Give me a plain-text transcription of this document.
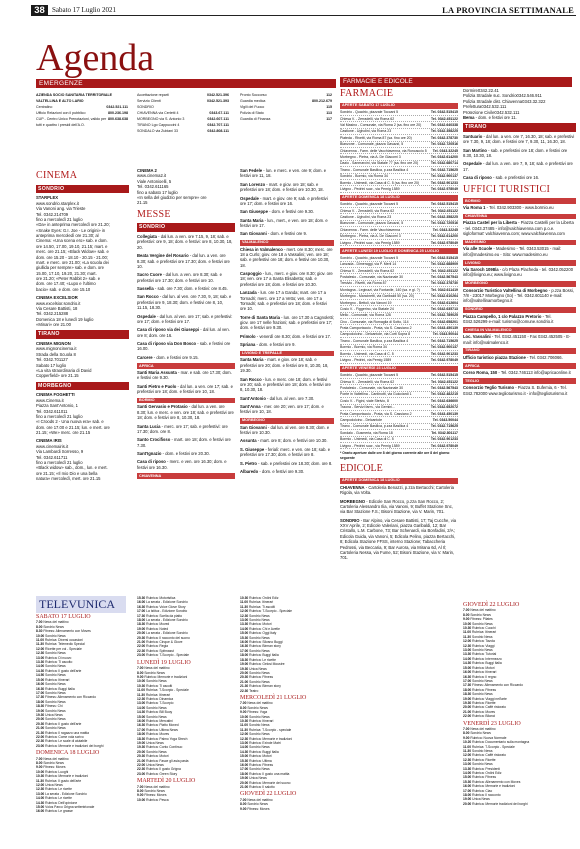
38	Sabato 17 Luglio 2021	LA PROVINCIA SETTIMANALE
Agenda
EMERGENZE
AZIENDA SOCIO SANITARIA TERRITORIALE VALTELLINA E ALTO LARIO
Centralino	0342.521.111
Ufficio Relazioni con il pubblico	800.236.198
CUP - Centro Unico Prenotazioni, valido per tutti e quattro i presidi dell'A.O.
800.638.638
Accettazione reparti	0342.521.396
Servizio Clienti	0342.521.393
SONDRIO
CHIAVENNA via Cerletti 4	0343.67.111
MORBEGNO via S. Antonio 3	0342.607.111
TIRANO Lgo Cappuccini 4	0342.707.111
SONDALO via Zubiani 33	0342.808.111
Pronto Soccorso	112
Guardia medica	800.212.679
Vigili del Fuoco	115
Polizia di Stato	113
Guardia di Finanza	117
FARMACIE E EDICOLE
CINEMA
SONDRIO
STARPLEX
www.sondrio.starplex.it
Via Vanoni ang. via Trieste
Tel. 0342.214709
fino a mercoledì 21 luglio
«Da» in anteprima mercoledì ore 21.20;
«Snake Eyes: G.I. Joe - Le origini» in
anteprima mercoledì ore 21.30; al
Cinema: «Una scena ero» sab. e dom.
ore 14.50, 17.00, 19.10, 21.15; mart. e
merc. ore 21.15; «Black Widow» sab. e
dom. ore 15.20 - 18.10 - 20.15 - 21.00;
mart. e merc. ore 21.00; «La scuola dei
giullida per sempre» sab. e dom. ore
15.00, 17.10, 19.20, 21.30; mart.
ore 21.20; «Peter Rabbit 2» sab. e
dom. ore 17.40; «Lupo e l'ultimo
bacio» sab. e dom. ore 15.10
CINEMA EXCELSIOR
www.excelsior.sondrio.it
Via Cesare Battisti, 18
Tel. 0342.215288
Domenica 18 e lunedì 19 luglio
«Minari» ore 21.00
TIRANO
CINEMA MIGNON
www.mignoncinema.it
Strada della Scuola 8
Tel. 0342.701127
Sabato 17 luglio
«La vita straordinaria di David
Copperfield» ore 21.15
MORBEGNO
CINEMA FOGHETTI
www.Cinema.it
Piazza Sant'Antonio, 1
Tel. 0342.611011
fino a mercoledì 21 luglio
«I Croods 2 - Una nuova era» sab. e
dom. ore 17.00 e 21.15; lun. e mert. ore
21.15; «We» merc. ore 21.15
CINEMA IRIS
www.cinemairis.it
Via Lambardi Sorresso, 9
Tel. 0342.611711
fino a mercoledì 21 luglio
«Black widow» sab., dom., lun. e mert.
ore 21.15; «Il mio Dio e una bella
natura» mercoledì, mert. ore 21.15
CINEMA 2
www.cinema2.it
Viale Antonioelli, 5
Tel. 0342.611165
fino a sabato 17 luglio
«In sella del giudizio per sempre» ore
21.15
MESSE
SONDRIO
Collegiata - dal lun. a ven. ore 7.15, 9, 18; sab. e prefestivi: ore 9, 18; dom. e festivi: ore 8, 10.30, 18, 20.
Beata Vergine del Rosario - dal lun. a ven. ore 8.30; sab. e prefestivi ore 17.30; dom. e festivi ore 10.
Sacro Cuore - dal lun. a ven. ore 8.30; sab. e prefestivi ore 17.30; dom. e festivi ore 10.
Sassella - sab. ore 7.30; dom. e festivi: ore 8.45.
San Rocco - dal lun. al ven. ore 7.30, 9, 18; sab. e prefestivi ore 9, 18.30; dom. e festivi ore 8, 10, 11.15, 18.30.
Ospedale - dal lun. al ven. ore 17; sab. e prefestivi: ore 17; dom. e festivi ore 17.
Casa di riposo via dei Giuseppi - dal lun. al ven. ore 8; dom. ore 16.
Casa di riposo via Don Bosco - sab. e festivi ore 16.00.
Carcere - dom. e festivi ore 9.15.
APRICA
Santi Maria Assunta - mar. e sab. ore 17.30; dom. e festivi ore 9.30.
Santi Pietro e Paolo - dal lun. a ven. ore 17; sab. e prefestivi ore 18; dom. e festivi ore 10, 18.
BORMIO
Santi Gervasio e Protasio - dal lun. a ven. ore 8.30; lun. e merc. e ven. ore 18; sab. e prefestivi ore 18; dom. e festivi ore 8, 10.30, 18.
Santa Lucia - merc. ore 17; sab. e prefestivi: ore 17.30; dom. ore 8.
Santo Crocifisso - mart. ore 18; dom. e festivi ore 7.30.
Sant'Ignazio - dom. e festivi ore 20.30.
Casa di riposo - merc. e ven. ore 16.30; dom. e festivi ore 16.30.
CHIAVENNA
San Fedele - lun. e merc. e ven. ore 9; dom. e festivi ore 11, 18.
San Lorenzo - mart. e giov. ore 18; sab. e prefestivi ore 18; dom. e festivi ore 10.30, 18.
Ospedale - mart. e giov. ore 9; sab. e prefestivi ore 17; dom. e festivi ore 16.
San Giuseppe - dom. e festivi ore 9.30.
Santa Maria - lun., mert., e ven. ore 18; dom. e festivi ore 17.
San Giovanni - dom. e festivi ore 9.
VALMALENCO
Chiesa in Valmalenco - mert. ore 8.30; merc. ore 18 a Curlo; giov. ore 18 a Vassalini; ven. ore 18; sab. e prefestivi ore 18; dom. e festivi ore 10.30, 18.
Caspoggio - lun., merc. e giov. ore 8.30; giov. ore 18; ven. ore 17 a Santa Elisabetta; sab. e prefestivi ore 18; dom. e festivi ore 10.30.
Lanzada - lun. ore 17 a Ganda; mart. ore 17 a Tornadri; merc. ore 17 a Vetto; ven. ore 17 a Tornadri; sab. e prefestivi ore 18; dom. e festivi ore 10.
Torre di Santa Maria - lun. ore 17.30 a Cagnoletti; giov. ore 17 nelle frazioni; sab. e prefestivi ore 17; dom. e festivi ore 9.30.
Primolo - venerdì ore 8.30; dom. e festivi ore 17.
Spriana - dom. e festivi ore 9.
LIVIGNO E TREPALLE
Santa Maria - mart. e giov. ore 18; sab. e prefestivi ore 20; dom. e festivi ore 8, 10.30, 18, 19.30.
San Rocco - lun. e merc. ore 18; dom. e festivi ore 20; sab. e prefestivi ore 18; dom. e festivi ore 8, 10.30, 18.
Sant'Antonio - dal lun. al ven. ore 7.30.
Sant'Anna - mer. ore 20; ven. ore 17; dom. e festivi ore 10, 18.
MORBEGNO
San Giovanni - dal lun. al ven. ore 8.30; dom. e festivi ore 10.30.
Assunta - mart. ore 8; dom. e festivi ore 10.30.
S. Giuseppe - feriali: merc. e ven. ore 18; sab. e prefestivi ore 17.30; dom. e festivi ore 8.
S. Pietro - sab. e prefestivi ore 18.30; dom. ore 8.
Albaredo - dom. e festivi ore 9.30.
FARMACIE
APERTE SABATO 17 LUGLIO
Sondrio - Quadrio, piazzale Toccani 5	Tel. 0342.515415
Chiesa V. - Zerradelli, via Roma 62	Tel. 0342.451122
Val Masino - Comunale, via Roma 2 (sa. fino ore 20)	Tel. 0342.640338
Castione - Ugholini, via Roma 23	Tel. 0342.358225
Piateda - Rivetti, via Roma 87 (sa. fino ore 20)	Tel. 0342.378730
Bianzone - Comunale, piazza Gavazzi, 5	Tel. 0342.720516
Chiavenna - Farm. delle Vacchiavenna, via Roncaccio 5 Tel. 0343.32245
Morbegno - Pietra, via A. De Giacomi 3	Tel. 0342.614200
Dazio - Sanmarcini, via Statale 77 (sa. fino ore 20)	Tel. 0342.680714
Tirano - Comunale Basilica, p.zza Basilica 4	Tel. 0342.715625
Sondrio - Bormio, via Roma 34	Tel. 0342.900137
Bormio - Unimedi, via Casa di C. 5 (sa. fino ore 20)	Tel. 0342.901233
Livigno - Pedrini sucr., via Pemig 1589	Tel. 0342.978049
APERTE DOMENICA 18 LUGLIO
Sondrio - Quadrio, piazzale Toccani 5	Tel. 0342.515415
Chiesa V. - Zerradelli, via Roma 62	Tel. 0342.451122
Castione - Ugholini, via Roma 23	Tel. 0342.358225
Bianzone - Comunale, piazza Gavazzi, 5	Tel. 0342.720516
Chiavenna - Farm. delle Vacchiavenna	Tel. 0343.32245
Morbegno - Pietra, via A. De Giacomi 3	Tel. 0342.614200
Livigno - Pedrini sucr., via Pemig 1589	Tel. 0342.978049
APERTE LUNEDÌ 19 LUGLIO E DOMENICA 25 LUGLIO
Sondrio - Quadrio, piazzale Toccani 5	Tel. 0342.515415
Lanzada - Dimeraggi, via P. Merli 14	Tel. 0342.688909
Chiesa V. - Zerradelli, via Roma 62	Tel. 0342.451122
Postalesio - Comunale, via Nazionale 30	Tel. 0342.567543
Tresivio - Rivetti, via Roma 87	Tel. 0342.378730
Montagna - Leginazi, via Fontanile, 140 (sa. e gi. ?)	Tel. 0342.611419
Morbegno - Mancinetti, via Garibaldi 50 (sa. 20)	Tel. 0342.610264
Morbegno - Bettoli, via Vanoni 19	Tel. 0342.612604
Cosio V. - Figgerino, via Statale 24	Tel. 0342.635713
Mello - Comunale, via Roma 126	Tel. 0342.789025
Civo - Comunale, via Romaglia di Sotto, 114	Tel. 0342.658201
Prata Camportaccio - Prata, via S. Cassiano 2	Tel. 0343.450139
Campodolcino - Delcantole, via Corti Sopra 8	Tel. 0343.50044
Tirano - Comunale Basilica, p.zza Basilica 4	Tel. 0342.715625
Bormio - Bormio, via Roma 34	Tel. 0342.900137
Bormio - Unimedi, via Casa di C. 5	Tel. 0342.901233
Livigno - Pedrini, via Pemig 1589	Tel. 0342.978049
APERTE VENERDÌ 23 LUGLIO
Sondrio - Quadrio, piazzale Toccani 5	Tel. 0342.515415
Chiesa V. - Zerradelli, via Roma 62	Tel. 0342.451122
Postalesio - Comunale, via Nazionale 30	Tel. 0342.567543
Ponte in Valtellina - Cantinotti, via Guicciardi 1	Tel. 0342.482215
Cosio V. - Figini, viale Stelvio, 8	Tel. 0342.636600
Traona - Servizi farm., via Gemini...	Tel. 0342.652072
Prata Camportaccio - Prata, via S. Cassiano 2	Tel. 0343.450139
Campodolcino - Delcantole	Tel. 0343.50044
Tirano - Comunale Basilica, p.zza Basilica 4	Tel. 0342.715625
Sondalo - Gusmeria, via Roma 18	Tel. 0342.801117
Bormio - Unimedi, via Casa di C. 5	Tel. 0342.901233
Livigno - Pedrini sucr., via Pemig 1589	Tel. 0342.978049
* Orario aperture dalle ore 8 del giorno corrente alle ore 8 del giorno seguente
EDICOLE
APERTE DOMENICA 18 LUGLIO
CHIAVENNA - Cartoleria Benazzi, p.zza Bertacchi; Cartoleria Rigola, via Volta.
MORBEGNO - Edicole San Rocco, p.zza San Rocco, 2; Cartoleria Alessandro Ilia, via Vanoni, 9; Buffet Stazione Snc, via Bar Stazione F.S.; Bisoni Stazione, via V. Marin, 701.
SONDRIO - Bar Alpino, via Cesare Battisti, 17; Taj Cucche, via XXV Aprile, 2; Edicole Valeriani, piazza Garibaldi, 12; Bar Cristallo, L.M. Carbone, 73; Bar Schenardi, via Bonfadini, 2/A; Edicola Guida, via Vanoni, 5; Edicola Pelino, piazza Bertacchi, 8; Edicola Stazione FFSS, interno Stazione; Tabaccheria Pedrossi, via Beccaria, 9; Bar Aurora, via Mirana 6d, Al Il; Cartoleria Nessa, via Fume, 52; Bisoni Stazione, via V. Marin, 701.
Dormire0342.22.41
Polizia Stradale suc. Sondrio0342.546.911
Polizia Stradale dist. Chiavenna0343.32.322
Prefettura0342.532.111
Protezione Civile0342.532.111
Bema - dom. e festivi ore 11.
TIRANO
Santuario - dal lun. a ven. ore 7, 16.30, 18; sab. e prefestivi ore 7.30, 9, 18; dom. e festivi ore 7, 9.30, 11, 16.30, 18.
San Martino - sab. e prefestivi ore 18; dom. e festivi ore 8.30, 10.30, 18.
Ospedale - dal lun. a ven. ore 7, 9, 18; sab. e prefestivi ore 17.
Casa di riposo - sab. e prefestivi ore 16.
UFFICI TURISTICI
BORMIO
Via Roma 1 - Tel. 0342.903300 - www.bormio.eu
CHIAVENNA
Piazza Castel per la Liberta - Piazza Castelli per la Liberta - tel. 0343.37485 - info@valchiavenna.com p.o.e. sigloformat' valchiavenna.com; www.valchiavenna.com
MADESIMO
Via alle Scuole - Madesimo - Tel. 0343.53015 - mail: info@madesimo.eu - Sito: www.madesimo.eu
LIVIGNO
Via Saroch 1098/a - c/o Plaza Placheda - tel. 0342.052200 info@livigno.eu; www.livigno.eu
MORBEGNO
Consorzio Turistico Valtellina di Morbegno - p.zza Bossi, 7/8 - 23017 Morbegno (So) - Tel. 0342.601140 e-mail: info@valtellinamorbegno.it
SONDRIO
Piazza Campello, 1 c/o Palazzo Pretorio - Tel. 0342.526299 e-mail: turismo@comune.sondrio.it
CHIESA IN VALMALENCO
Loc. Vassalini - Tel. 0342.451150 - Fax 0342.452505 - E-mail: info@valmalenco.it
TIRANO
Ufficio turistico piazza Stazione - Tel. 0342.706066.
APRICA
Corso Roma, 150 - Tel. 0342.746113 info@apricaonline.it
TEGLIO
Consorzio Teglio Turismo - Piazza S. Eufemia, 6 - Tel. 0342.782000 www.teglioturismo.it - info@teglioturismo.it
TELEVUNICA
SABATO 17 LUGLIO
7.00 News del mattino
8.00 Sondrio News
8.30 Fitness: Allenamento con Moves
10.00 Sondrio News
11.00 Rubrica: Diversi occasioni
11.30 Rubrica: Telemedic Special
12.00 Ricette per voi - Speciale
12.30 Sondrio News
13.00 Rubrica: Di nuovo
13.30 Rubrica: Ti ascolto
14.00 Sondrio News
14.30 Rubrica: Il gusto dell'arte
14.50 Sondrio News
15.00 Rubrica: Itinerari
16.00 Sondrio News
16.30 Rubrica: Buggi Italia
17.00 Sondrio News
17.30 Fitness: Allenamento con Riccardo
18.00 Sondrio News
18.30 Fitness: Chi
19.00 Sondrio News
19.30 Unica News
20.00 Sondrio News
20.30 Rubrica: Il gusto dell'arte
21.00 Sondrio News
21.30 Rubrica: Il ragazzo una mattia
22.00 Rubrica: Come vola scrivo
22.30 Rubrica: Le scale di aiutabile
23.00 Rubrica: Memorie e tradizioni dei borghi
DOMENICA 18 LUGLIO
7.00 News del mattino
8.00 Sondrio News
9.00 Fitness: Moves
10.00 Rubrica: Luoghi
10.30 Rubrica: Memorie e tradizioni
11.30 Rubrica: Il gusto dell'arte
12.00 Unica News
12.30 Rubrica: Le ricette
13.00 La serata - Edizione Sondrio
14.00 Rubrica: Le ricette
14.30 Rubrica: Dell'opinione
15.00 Volos Parco Grigna settentrionale
16.00 Rubrica: Le grasse
15.30 Rubrica: Motoristica
16.00 La serata - Edizione Sondrio
16.30 Rubrica: Voice Giove Story
17.00 La Istituz - Edizione Sondrio
17.30 Rubrica: Scelta da piatto
18.00 La serata - Edizione Sondrio
18.30 Rubrica: Moved
19.00 Rubrica: Noted
20.00 La serata - Edizione Sondrio
20.30 Rubrica: Il racconto del suono
21.00 Rubrica: Cinque & Giove
22.00 Rubrica: Regia
22.30 Rubrica: Spitmasst
23.00 Rubrica: T-Scorpio - Speciale
LUNEDÌ 19 LUGLIO
7.00 News del mattino
8.00 Sondrio News
9.00 Rubrica: Memorie e tradizioni
10.00 Sondrio News
10.30 Rubrica: Ti ascolti
11.00 Rubrica: T-Scorpio - Speciale
11.30 Rubrica: Itinerari
12.30 Rubrica: Dinamica
13.00 Rubrica: T-Scorpio
14.00 Sondrio News
14.30 Rubrica: Bill Buoy
15.00 Sondrio News
16.00 Rubrica: Mercatini
16.30 Rubrica: Piatto Moved
17.00 Rubrica: Ultima News
18.00 Rubrica: Moves
18.30 Rubrica: Palmo Yoga Strech
19.00 Unica News
19.30 Rubrica: Conto Continuo
20.00 Sondrio News
20.30 Rubrica: Motori
21.00 Rubrica: Fasce gli asia pasta
22.00 Unica News
22.30 Rubrica: Il gusto Grigna
23.00 Rubrica: Green Story
MARTEDÌ 20 LUGLIO
7.00 News del mattino
8.00 Sondrio News
9.00 Fitness: Moves
10.00 Rubrica: Pesca
10.30 Rubrica: Ordini Ediz
11.00 Rubrica: Itinerari
11.30 Rubrica: Ti ascolti
12.00 Rubrica: T-Scorpio - Speciale
12.30 Sondrio News
13.00 Sondrio News
13.30 Rubrica: Motori
14.00 Rubrica: Chi e Avetle
15.00 Rubrica: Oggi Italy
15.30 Sondrio News
16.00 Rubrica: Silvano Buggi
16.30 Rubrica: Birman story
17.00 Sondrio News
18.00 Rubrica: Buggi Italia
18.30 Rubrica: Le ricette
19.00 Rubrica: Gelosi Moustre
19.30 Unica News
20.00 Sondrio News
20.30 Rubrica: Fitness
21.00 Sondrio News
21.30 Rubrica: Birman story
22.30 Teatro
MERCOLEDÌ 21 LUGLIO
7.00 News del mattino
8.00 Sondrio News
9.00 Fitness: Yoga
10.00 Sondrio News
10.30 Rubrica: Itinerari
11.00 Sondrio News
11.30 Rubrica: T-Scorpio - speciale
12.00 Sondrio News
12.30 Rubrica: Memorie e tradizioni
13.00 Rubrica: Exinde Matri
14.00 Sondrio News
14.30 Rubrica: Buggi Italia
15.00 Rubrica: Motori
15.30 Rubrica: Ultima
16.00 Rubrica: Fitness
17.00 Sondrio News
18.00 Rubrica: Il gusto una mattia
19.00 Unica News
20.00 Rubrica: Memorie del suono
21.00 Rubrica: Il salotto
GIOVEDÌ 22 LUGLIO
7.00 News del mattino
8.00 Sondrio News
9.00 Fitness: Moves
GIOVEDÌ 22 LUGLIO
7.00 News del mattino
8.00 Sondrio News
9.00 Fitness: Pilates
10.00 Sondrio News
10.30 Rubrica: Cuochi
11.00 Rubrica: Itinerari
11.30 Sondrio News
12.00 Rubrica: Tavola
12.30 Rubrica: Viaggi
13.00 Sondrio News
13.30 Rubrica: Tutorial
14.00 Rubrica: Intermezzo
14.30 Rubrica: Buggi Italia
15.00 Rubrica: Motori
16.00 Rubrica: Itinerari
16.30 Rubrica: Il regno
17.00 Sondrio News
17.30 Fitness: Allenamento con Riccardo
18.00 Rubrica: Fitness
18.30 Sondrio News
19.00 Rubrica: Viaggi nell'arte
19.30 Rubrica: Ricette
20.00 Rubrica: Caffè ristorato
21.00 Rubrica: Moves
22.00 Rubrica: Bilanci
VENERDÌ 23 LUGLIO
7.00 News del mattino
8.00 Sondrio News
9.00 Rubrica: Nuova Normale
10.20 Rubrica: Documentario sulla montagna
11.00 Rubrica: T-Scorpio - Speciale
11.30 Sondrio News
12.00 Rubrica: Caffè ristorato
12.30 Rubrica: Ricette
13.00 Sondrio News
13.30 Rubrica: Presidenti
14.00 Rubrica: Ordini Ediz
15.00 Rubrica: Fitness
15.30 Rubrica: Allenamento con Moves
16.00 Rubrica: Memorie e tradizioni
17.00 Rubrica: Ciao
18.00 Rubrica: Il racconto
19.00 Unica News
20.00 Rubrica: Memorie tradizioni dei borghi
